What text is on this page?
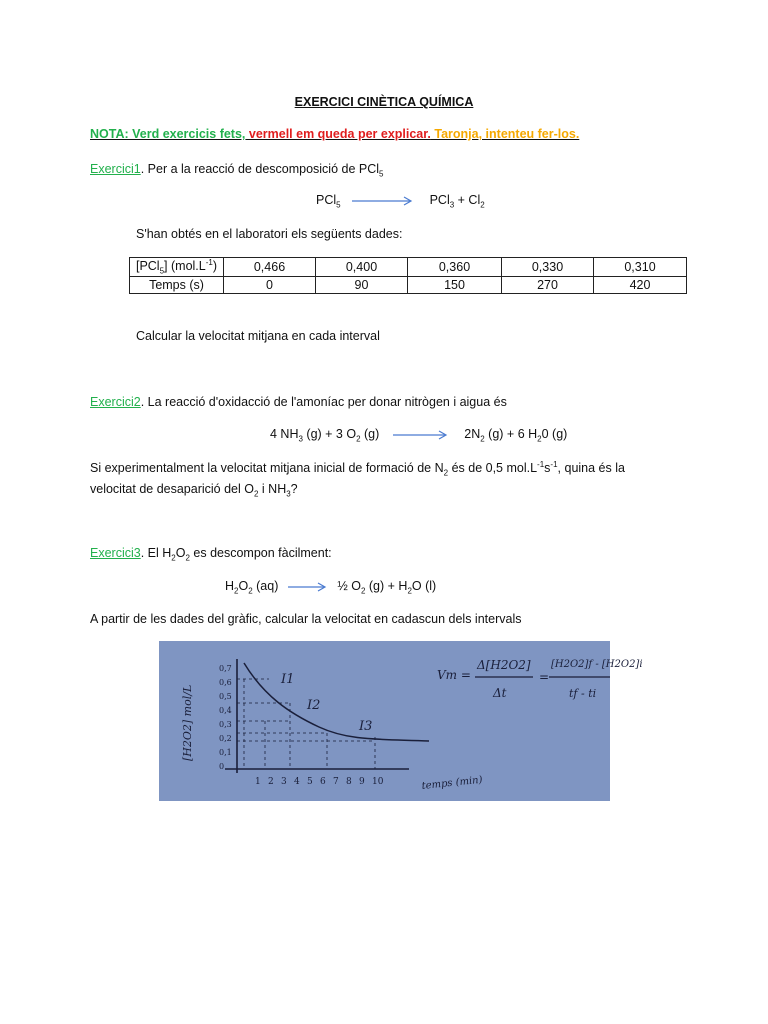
EXERCICI CINÈTICA QUÍMICA
NOTA: Verd exercicis fets, vermell em queda per explicar. Taronja, intenteu fer-los.
Exercici1. Per a la reacció de descomposició de PCl$_5$
PCl$_5$	$PCl_3 + Cl_2$
S'han obtés en el laboratori els següents dades:
[PCl$_5$] $(mol.L^{-1})$	0,466	0,400	0,360	0,330	0,310
Temps (s)	0	90	150	270	420
Calcular la velocitat mitjana en cada interval
Exercici2. La reacció d'oxidacció de l'amoníac per donar nitrògen i aigua és
4 $NH_3$ (g) + 3 $O_2$ (g)	$2N_2$ (g) + 6 $H_20$ (g)
Si experimentalment la velocitat mitjana inicial de formació de $N_2$ és de 0,5 $mol.L^{-1}s^{-1}$, quina és la
velocitat de desaparició del $O_2$ i $NH_3$?
Exercici3. El $H_2O_2$ es descompon fàcilment:
$H_2O_2$ (aq) → ½ $O_2$ $(g) + H_2O$ (l)
A partir de les dades del gràfic, calcular la velocitat en cadascun dels intervals
[H2O2] mol/L
0,7
0,6
0,5
0,4
0,3
0,2
0,1
0
1 2 3 4 5 6 7 8 9 10
I1
I2
I3
temps (min)
Vm =
Δ[H2O2]
Δt
=
[H2O2]f - [H2O2]i
tf - ti
